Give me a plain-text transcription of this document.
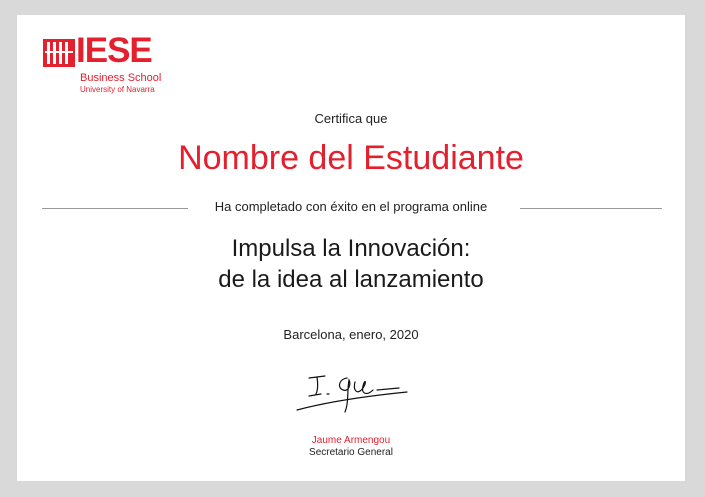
IESE
Business School
University of Navarra
Certifica que
Nombre del Estudiante
Ha completado con éxito en el programa online
Impulsa la Innovación:
de la idea al lanzamiento
Barcelona, enero, 2020
Jaume Armengou
Secretario General
